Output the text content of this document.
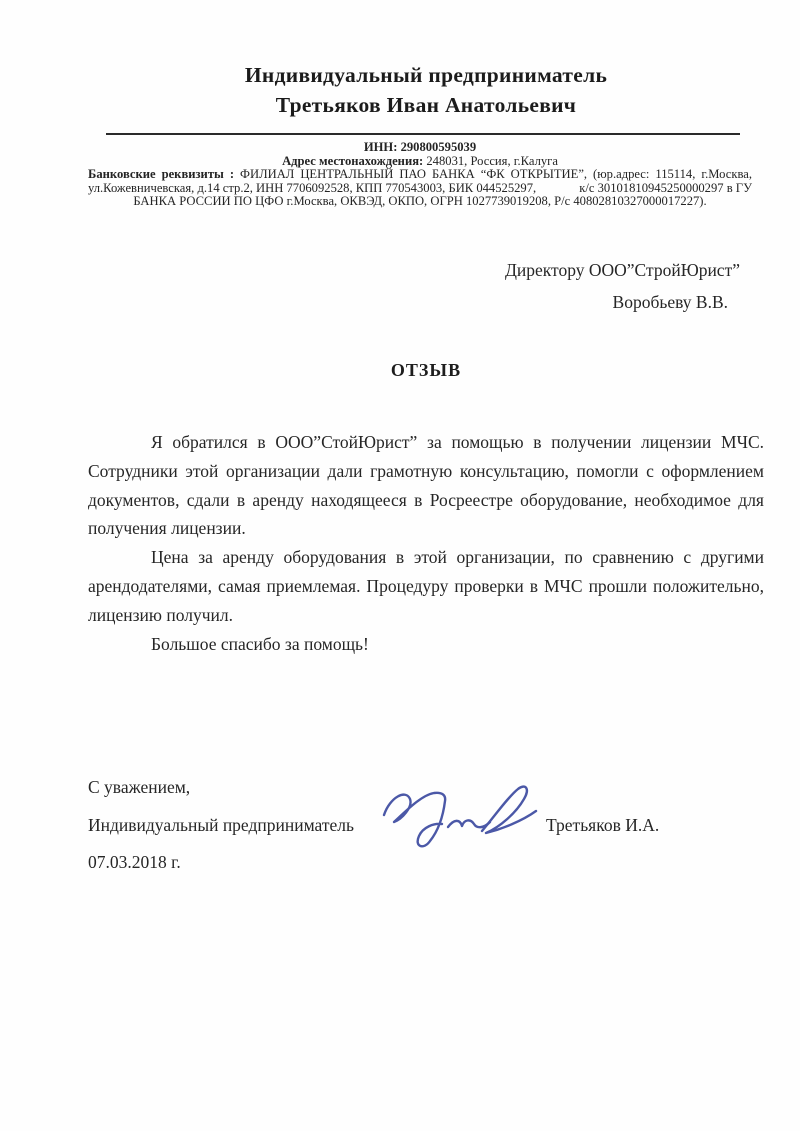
Индивидуальный предприниматель
Третьяков Иван Анатольевич
ИНН: 290800595039
Адрес местонахождения: 248031, Россия, г.Калуга
Банковские реквизиты : ФИЛИАЛ ЦЕНТРАЛЬНЫЙ ПАО БАНКА “ФК ОТКРЫТИЕ”, (юр.адрес: 115114, г.Москва,
ул.Кожевничевская, д.14 стр.2, ИНН 7706092528, КПП 770543003, БИК 044525297,	к/с 30101810945250000297 в ГУ
БАНКА РОССИИ ПО ЦФО г.Москва, ОКВЭД, ОКПО, ОГРН 1027739019208, Р/с 40802810327000017227).
Директору ООО”СтройЮрист”
Воробьеву В.В.
ОТЗЫВ
Я обратился в ООО”СтойЮрист” за помощью в получении лицензии МЧС.
Сотрудники этой организации дали грамотную консультацию, помогли с оформлением
документов, сдали в аренду находящееся в Росреестре оборудование, необходимое для
получения лицензии.
Цена за аренду оборудования в этой организации, по сравнению с другими
арендодателями, самая приемлемая. Процедуру проверки в МЧС прошли положительно,
лицензию получил.
Большое спасибо за помощь!
С уважением,
Индивидуальный предприниматель	Третьяков И.А.
07.03.2018 г.
